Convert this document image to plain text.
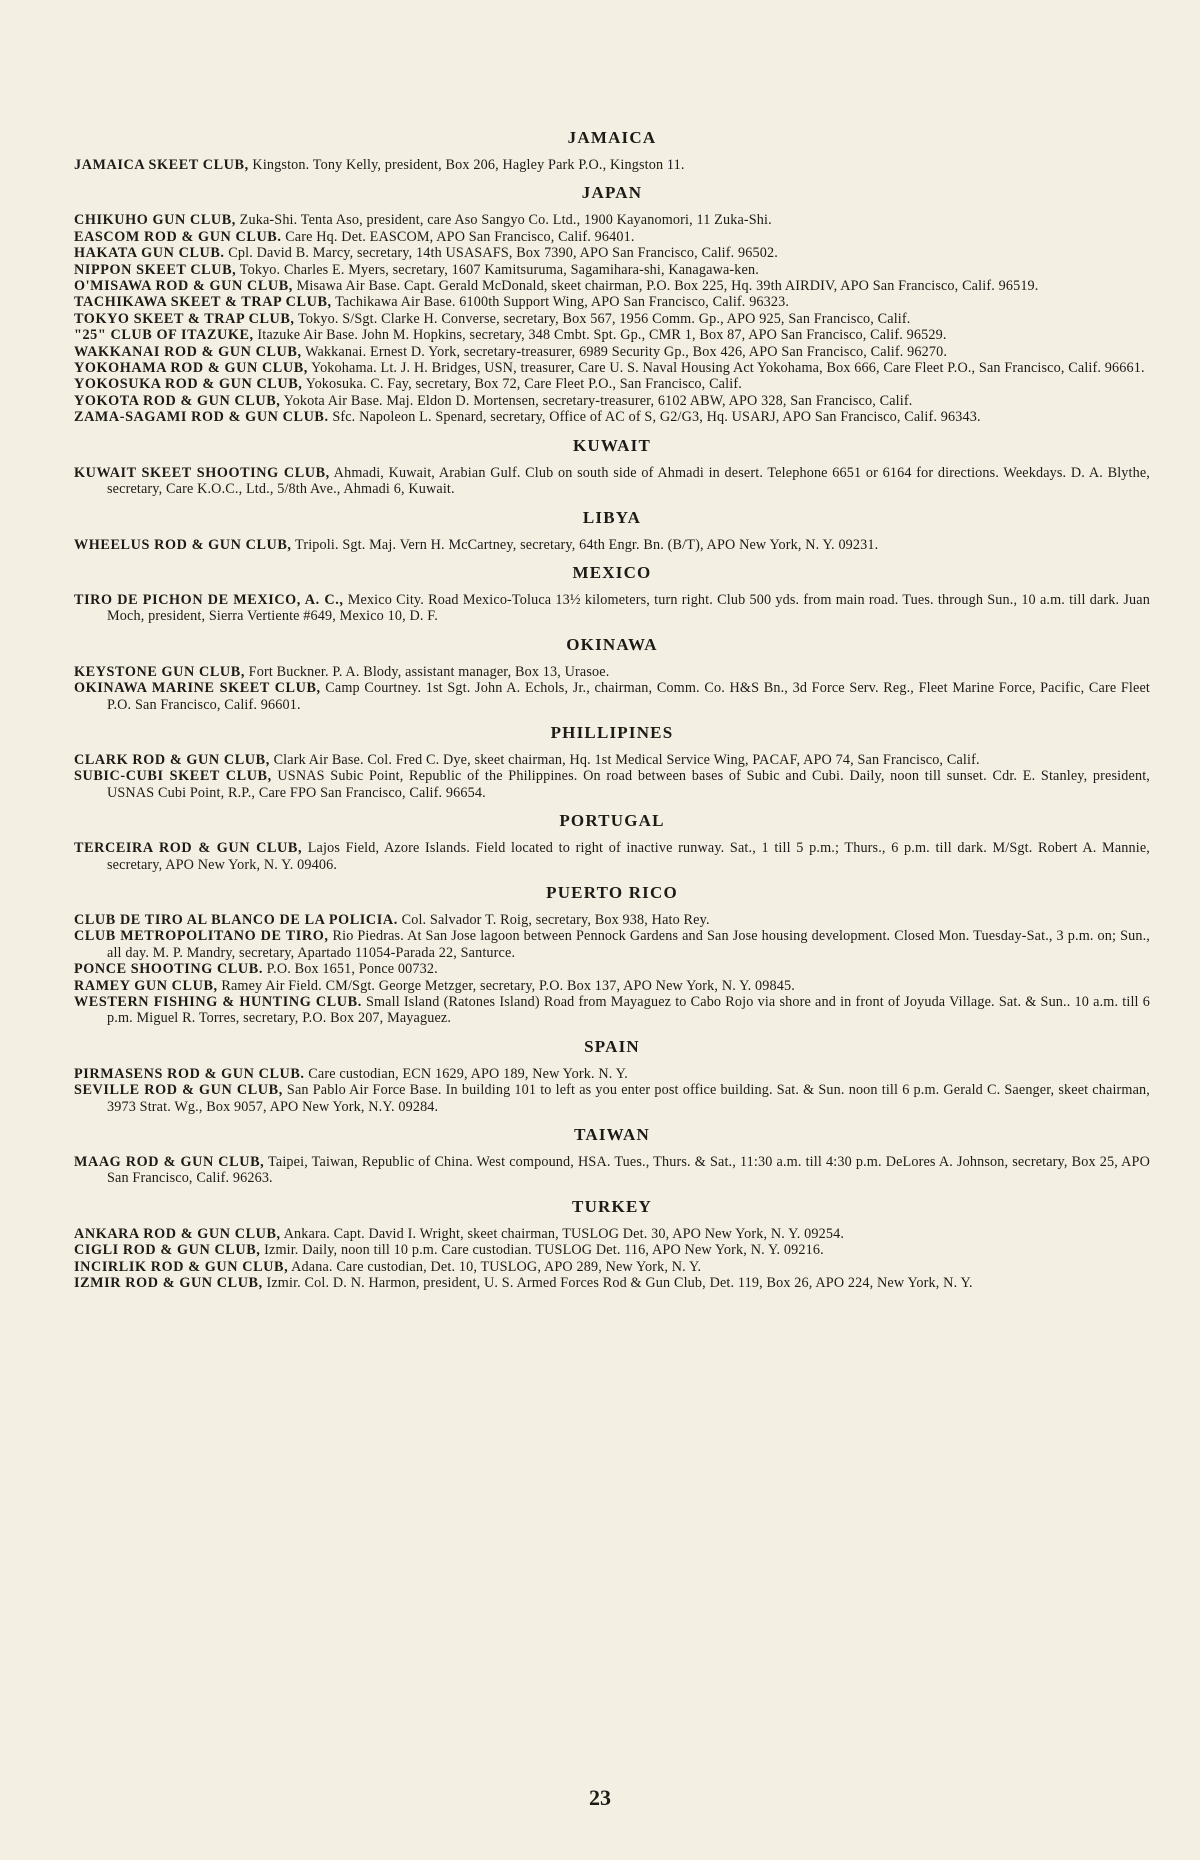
JAMAICA
JAMAICA SKEET CLUB, Kingston. Tony Kelly, president, Box 206, Hagley Park P.O., Kingston 11.
JAPAN
CHIKUHO GUN CLUB, Zuka-Shi. Tenta Aso, president, care Aso Sangyo Co. Ltd., 1900 Kayanomori, 11 Zuka-Shi.
EASCOM ROD & GUN CLUB. Care Hq. Det. EASCOM, APO San Francisco, Calif. 96401.
HAKATA GUN CLUB. Cpl. David B. Marcy, secretary, 14th USASAFS, Box 7390, APO San Francisco, Calif. 96502.
NIPPON SKEET CLUB, Tokyo. Charles E. Myers, secretary, 1607 Kamitsuruma, Sagamihara-shi, Kanagawa-ken.
O'MISAWA ROD & GUN CLUB, Misawa Air Base. Capt. Gerald McDonald, skeet chairman, P.O. Box 225, Hq. 39th AIRDIV, APO San Francisco, Calif. 96519.
TACHIKAWA SKEET & TRAP CLUB, Tachikawa Air Base. 6100th Support Wing, APO San Francisco, Calif. 96323.
TOKYO SKEET & TRAP CLUB, Tokyo. S/Sgt. Clarke H. Converse, secretary, Box 567, 1956 Comm. Gp., APO 925, San Francisco, Calif.
"25" CLUB OF ITAZUKE, Itazuke Air Base. John M. Hopkins, secretary, 348 Cmbt. Spt. Gp., CMR 1, Box 87, APO San Francisco, Calif. 96529.
WAKKANAI ROD & GUN CLUB, Wakkanai. Ernest D. York, secretary-treasurer, 6989 Security Gp., Box 426, APO San Francisco, Calif. 96270.
YOKOHAMA ROD & GUN CLUB, Yokohama. Lt. J. H. Bridges, USN, treasurer, Care U. S. Naval Housing Act Yokohama, Box 666, Care Fleet P.O., San Francisco, Calif. 96661.
YOKOSUKA ROD & GUN CLUB, Yokosuka. C. Fay, secretary, Box 72, Care Fleet P.O., San Francisco, Calif.
YOKOTA ROD & GUN CLUB, Yokota Air Base. Maj. Eldon D. Mortensen, secretary-treasurer, 6102 ABW, APO 328, San Francisco, Calif.
ZAMA-SAGAMI ROD & GUN CLUB. Sfc. Napoleon L. Spenard, secretary, Office of AC of S, G2/G3, Hq. USARJ, APO San Francisco, Calif. 96343.
KUWAIT
KUWAIT SKEET SHOOTING CLUB, Ahmadi, Kuwait, Arabian Gulf. Club on south side of Ahmadi in desert. Telephone 6651 or 6164 for directions. Weekdays. D. A. Blythe, secretary, Care K.O.C., Ltd., 5/8th Ave., Ahmadi 6, Kuwait.
LIBYA
WHEELUS ROD & GUN CLUB, Tripoli. Sgt. Maj. Vern H. McCartney, secretary, 64th Engr. Bn. (B/T), APO New York, N. Y. 09231.
MEXICO
TIRO DE PICHON DE MEXICO, A. C., Mexico City. Road Mexico-Toluca 13½ kilometers, turn right. Club 500 yds. from main road. Tues. through Sun., 10 a.m. till dark. Juan Moch, president, Sierra Vertiente #649, Mexico 10, D. F.
OKINAWA
KEYSTONE GUN CLUB, Fort Buckner. P. A. Blody, assistant manager, Box 13, Urasoe.
OKINAWA MARINE SKEET CLUB, Camp Courtney. 1st Sgt. John A. Echols, Jr., chairman, Comm. Co. H&S Bn., 3d Force Serv. Reg., Fleet Marine Force, Pacific, Care Fleet P.O. San Francisco, Calif. 96601.
PHILLIPINES
CLARK ROD & GUN CLUB, Clark Air Base. Col. Fred C. Dye, skeet chairman, Hq. 1st Medical Service Wing, PACAF, APO 74, San Francisco, Calif.
SUBIC-CUBI SKEET CLUB, USNAS Subic Point, Republic of the Philippines. On road between bases of Subic and Cubi. Daily, noon till sunset. Cdr. E. Stanley, president, USNAS Cubi Point, R.P., Care FPO San Francisco, Calif. 96654.
PORTUGAL
TERCEIRA ROD & GUN CLUB, Lajos Field, Azore Islands. Field located to right of inactive runway. Sat., 1 till 5 p.m.; Thurs., 6 p.m. till dark. M/Sgt. Robert A. Mannie, secretary, APO New York, N. Y. 09406.
PUERTO RICO
CLUB DE TIRO AL BLANCO DE LA POLICIA. Col. Salvador T. Roig, secretary, Box 938, Hato Rey.
CLUB METROPOLITANO DE TIRO, Rio Piedras. At San Jose lagoon between Pennock Gardens and San Jose housing development. Closed Mon. Tuesday-Sat., 3 p.m. on; Sun., all day. M. P. Mandry, secretary, Apartado 11054-Parada 22, Santurce.
PONCE SHOOTING CLUB. P.O. Box 1651, Ponce 00732.
RAMEY GUN CLUB, Ramey Air Field. CM/Sgt. George Metzger, secretary, P.O. Box 137, APO New York, N. Y. 09845.
WESTERN FISHING & HUNTING CLUB. Small Island (Ratones Island) Road from Mayaguez to Cabo Rojo via shore and in front of Joyuda Village. Sat. & Sun.. 10 a.m. till 6 p.m. Miguel R. Torres, secretary, P.O. Box 207, Mayaguez.
SPAIN
PIRMASENS ROD & GUN CLUB. Care custodian, ECN 1629, APO 189, New York. N. Y.
SEVILLE ROD & GUN CLUB, San Pablo Air Force Base. In building 101 to left as you enter post office building. Sat. & Sun. noon till 6 p.m. Gerald C. Saenger, skeet chairman, 3973 Strat. Wg., Box 9057, APO New York, N.Y. 09284.
TAIWAN
MAAG ROD & GUN CLUB, Taipei, Taiwan, Republic of China. West compound, HSA. Tues., Thurs. & Sat., 11:30 a.m. till 4:30 p.m. DeLores A. Johnson, secretary, Box 25, APO San Francisco, Calif. 96263.
TURKEY
ANKARA ROD & GUN CLUB, Ankara. Capt. David I. Wright, skeet chairman, TUSLOG Det. 30, APO New York, N. Y. 09254.
CIGLI ROD & GUN CLUB, Izmir. Daily, noon till 10 p.m. Care custodian. TUSLOG Det. 116, APO New York, N. Y. 09216.
INCIRLIK ROD & GUN CLUB, Adana. Care custodian, Det. 10, TUSLOG, APO 289, New York, N. Y.
IZMIR ROD & GUN CLUB, Izmir. Col. D. N. Harmon, president, U. S. Armed Forces Rod & Gun Club, Det. 119, Box 26, APO 224, New York, N. Y.
23
